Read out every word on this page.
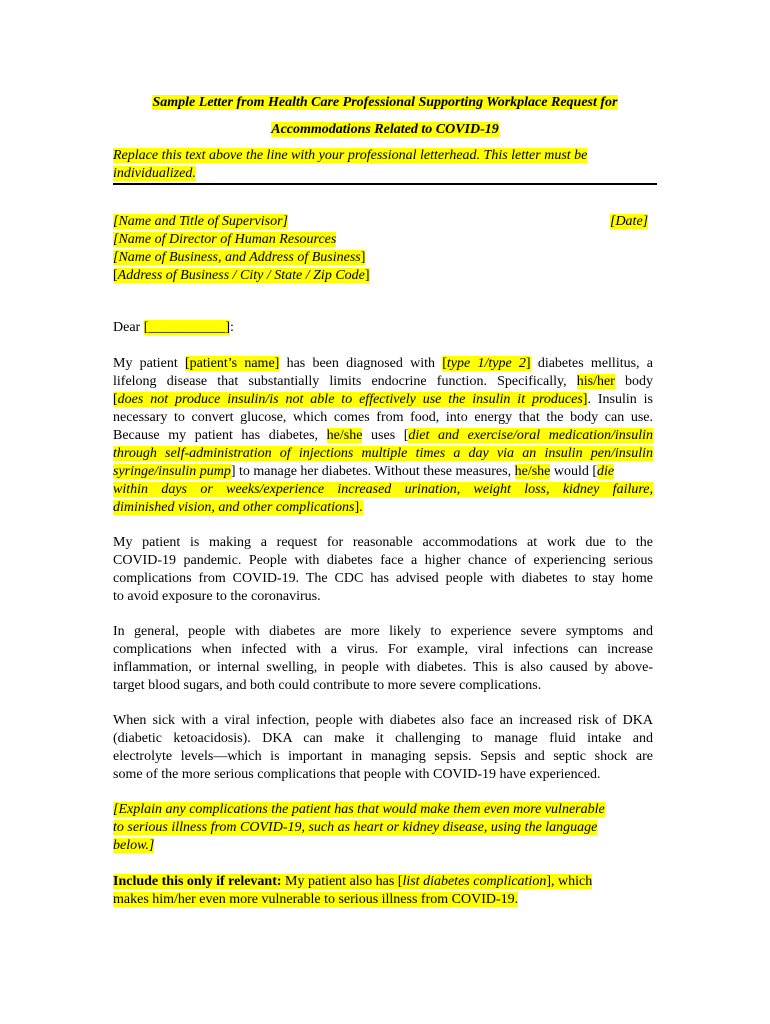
Sample Letter from Health Care Professional Supporting Workplace Request for
Accommodations Related to COVID-19
Replace this text above the line with your professional letterhead. This letter must be
individualized.
[Name and Title of Supervisor]
[Name of Director of Human Resources
[Name of Business, and Address of Business]
[Address of Business / City / State / Zip Code]
[Date]
Dear [___________]:
My patient [patient’s name] has been diagnosed with [type 1/type 2] diabetes mellitus, a
lifelong disease that substantially limits endocrine function. Specifically, his/her body
[does not produce insulin/is not able to effectively use the insulin it produces]. Insulin is
necessary to convert glucose, which comes from food, into energy that the body can use.
Because my patient has diabetes, he/she uses [diet and exercise/oral medication/insulin
through self-administration of injections multiple times a day via an insulin pen/insulin
syringe/insulin pump] to manage her diabetes. Without these measures, he/she would [die
within days or weeks/experience increased urination, weight loss, kidney failure,
diminished vision, and other complications].
My patient is making a request for reasonable accommodations at work due to the
COVID-19 pandemic. People with diabetes face a higher chance of experiencing serious
complications from COVID-19. The CDC has advised people with diabetes to stay home
to avoid exposure to the coronavirus.
In general, people with diabetes are more likely to experience severe symptoms and
complications when infected with a virus. For example, viral infections can increase
inflammation, or internal swelling, in people with diabetes. This is also caused by above-
target blood sugars, and both could contribute to more severe complications.
When sick with a viral infection, people with diabetes also face an increased risk of DKA
(diabetic ketoacidosis). DKA can make it challenging to manage fluid intake and
electrolyte levels—which is important in managing sepsis. Sepsis and septic shock are
some of the more serious complications that people with COVID-19 have experienced.
[Explain any complications the patient has that would make them even more vulnerable
to serious illness from COVID-19, such as heart or kidney disease, using the language
below.]
Include this only if relevant: My patient also has [list diabetes complication], which
makes him/her even more vulnerable to serious illness from COVID-19.
